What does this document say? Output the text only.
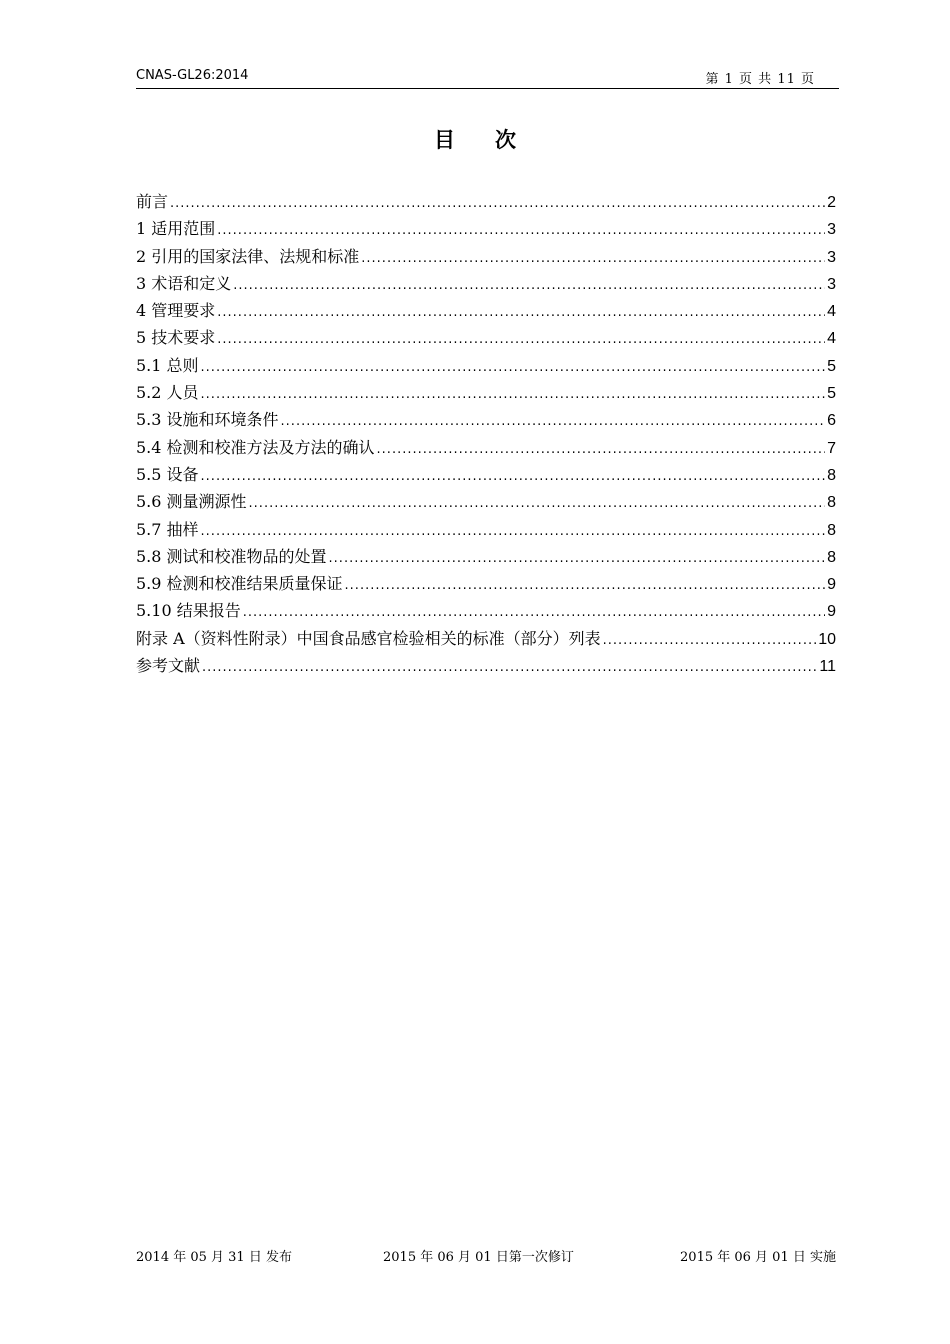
CNAS-GL26:2014	第 1 页 共 11 页
目次
前言 .....	2
1 适用范围 .....	3
2 引用的国家法律、法规和标准 .....	3
3 术语和定义 .....	3
4 管理要求 .....	4
5 技术要求 .....	4
5.1 总则 .....	5
5.2 人员 .....	5
5.3 设施和环境条件 .....	6
5.4 检测和校准方法及方法的确认 .....	7
5.5 设备 .....	8
5.6 测量溯源性 .....	8
5.7 抽样 .....	8
5.8 测试和校准物品的处置 .....	8
5.9 检测和校准结果质量保证 .....	9
5.10 结果报告 .....	9
附录 A（资料性附录）中国食品感官检验相关的标准（部分）列表 .....	10
参考文献 .....	11
2014 年 05 月 31 日 发布	2015 年 06 月 01 日第一次修订	2015 年 06 月 01 日 实施
